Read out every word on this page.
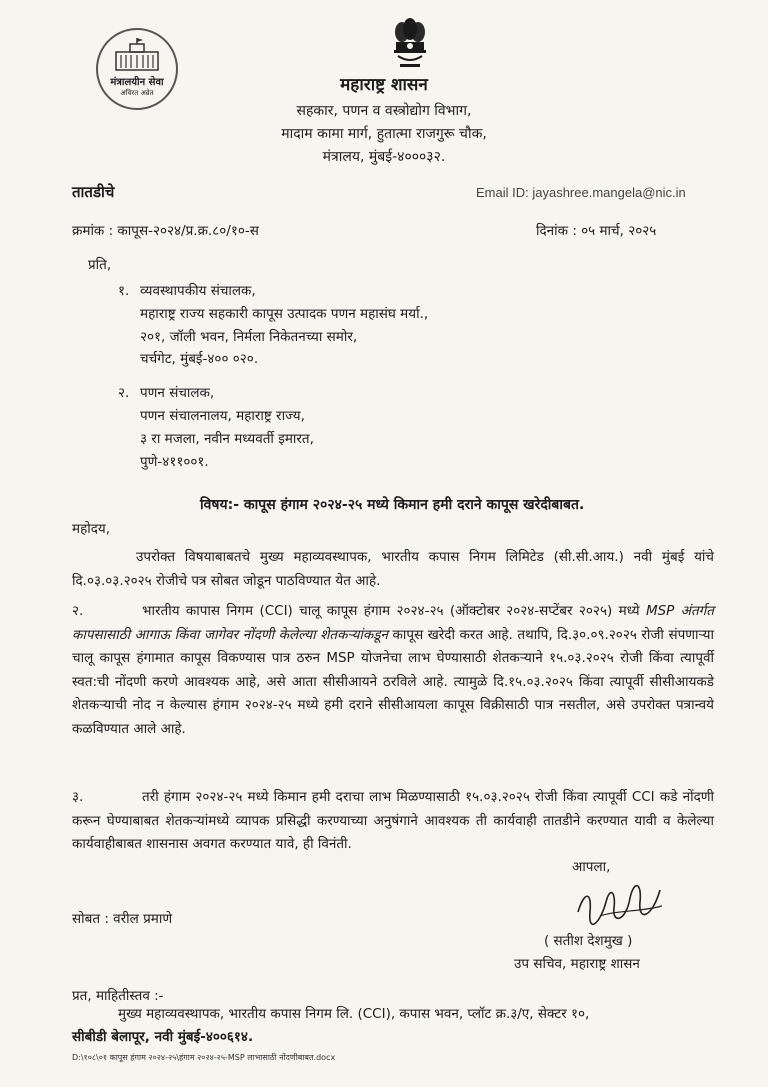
मंत्रालयीन सेवा
अविरत अव्रेत	महाराष्ट्र शासन
सहकार, पणन व वस्त्रोद्योग विभाग,
मादाम कामा मार्ग, हुतात्मा राजगुरू चौक,
मंत्रालय, मुंबई-४०००३२.
तातडीचे	Email ID: jayashree.mangela@nic.in
क्रमांक : कापूस-२०२४/प्र.क्र.८०/१०-स	दिनांक : ०५ मार्च, २०२५
प्रति,
१. व्यवस्थापकीय संचालक,
महाराष्ट्र राज्य सहकारी कापूस उत्पादक पणन महासंघ मर्या.,
२०१, जॉली भवन, निर्मला निकेतनच्या समोर,
चर्चगेट, मुंबई-४०० ०२०.
२. पणन संचालक,
पणन संचालनालय, महाराष्ट्र राज्य,
३ रा मजला, नवीन मध्यवर्ती इमारत,
पुणे-४११००१.
विषय:- कापूस हंगाम २०२४-२५ मध्ये किमान हमी दराने कापूस खरेदीबाबत.
महोदय,
उपरोक्त विषयाबाबतचे मुख्य महाव्यवस्थापक, भारतीय कपास निगम लिमिटेड (सी.सी.आय.) नवी मुंबई यांचे दि.०३.०३.२०२५ रोजीचे पत्र सोबत जोडून पाठविण्यात येत आहे.
२.	भारतीय कापास निगम (CCI) चालू कापूस हंगाम २०२४-२५ (ऑक्टोबर २०२४-सप्टेंबर २०२५) मध्ये MSP अंतर्गत कापसासाठी आगाऊ किंवा जागेवर नोंदणी केलेल्या शेतकऱ्यांकडून कापूस खरेदी करत आहे. तथापि, दि.३०.०९.२०२५ रोजी संपणाऱ्या चालू कापूस हंगामात कापूस विकण्यास पात्र ठरुन MSP योजनेचा लाभ घेण्यासाठी शेतकऱ्याने १५.०३.२०२५ रोजी किंवा त्यापूर्वी स्वत:ची नोंदणी करणे आवश्यक आहे, असे आता सीसीआयने ठरविले आहे. त्यामुळे दि.१५.०३.२०२५ किंवा त्यापूर्वी सीसीआयकडे शेतकऱ्याची नोद न केल्यास हंगाम २०२४-२५ मध्ये हमी दराने सीसीआयला कापूस विक्रीसाठी पात्र नसतील, असे उपरोक्त पत्रान्वये कळविण्यात आले आहे.
३.	तरी हंगाम २०२४-२५ मध्ये किमान हमी दराचा लाभ मिळण्यासाठी १५.०३.२०२५ रोजी किंवा त्यापूर्वी CCI कडे नोंदणी करून घेण्याबाबत शेतकऱ्यांमध्ये व्यापक प्रसिद्धी करण्याच्या अनुषंगाने आवश्यक ती कार्यवाही तातडीने करण्यात यावी व केलेल्या कार्यवाहीबाबत शासनास अवगत करण्यात यावे, ही विनंती.
आपला,
( सतीश देशमुख )
उप सचिव, महाराष्ट्र शासन
सोबत : वरील प्रमाणे
प्रत, माहितीस्तव :-
मुख्य महाव्यवस्थापक, भारतीय कपास निगम लि. (CCI), कपास भवन, प्लॉट क्र.३/ए, सेक्टर १०,
सीबीडी बेलापूर, नवी मुंबई-४००६१४.
D:\१०८\०१ कापूस हंगाम २०२४-२५\हंगाम २०२४-२५-MSP लाभासाठी नोंदणीबाबत.docx
